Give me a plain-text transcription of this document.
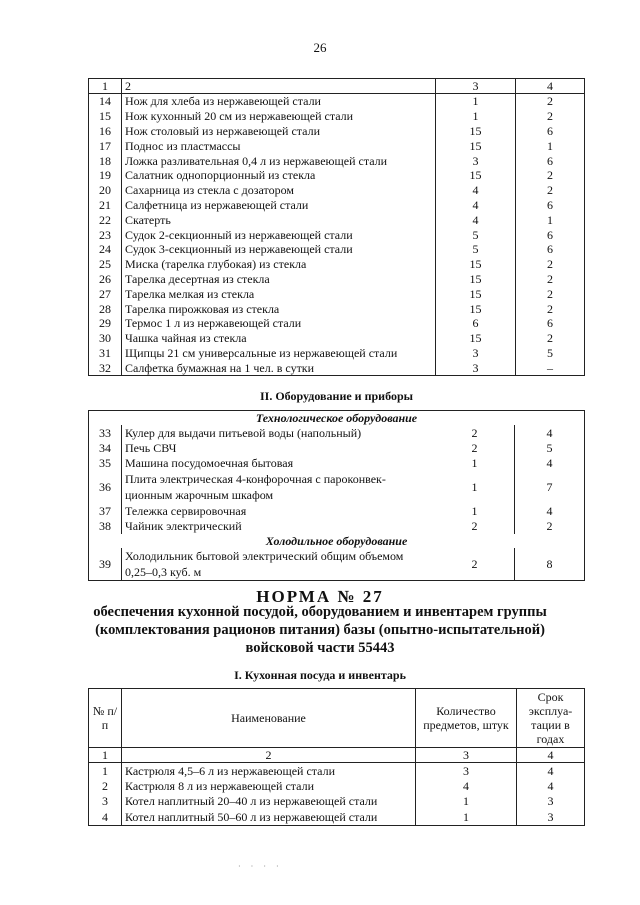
26
1	2	3	4
14	Нож для хлеба из нержавеющей стали	1	2
15	Нож кухонный 20 см из нержавеющей стали	1	2
16	Нож столовый из нержавеющей стали	15	6
17	Поднос из пластмассы	15	1
18	Ложка разливательная 0,4 л из нержавеющей стали	3	6
19	Салатник однопорционный из стекла	15	2
20	Сахарница из стекла с дозатором	4	2
21	Салфетница из нержавеющей стали	4	6
22	Скатерть	4	1
23	Судок 2-секционный из нержавеющей стали	5	6
24	Судок 3-секционный из нержавеющей стали	5	6
25	Миска (тарелка глубокая) из стекла	15	2
26	Тарелка десертная из стекла	15	2
27	Тарелка мелкая из стекла	15	2
28	Тарелка пирожковая из стекла	15	2
29	Термос 1 л из нержавеющей стали	6	6
30	Чашка чайная из стекла	15	2
31	Щипцы 21 см универсальные из нержавеющей стали	3	5
32	Салфетка бумажная на 1 чел. в сутки	3	–
II. Оборудование и приборы
Технологическое оборудование			
33	Кулер для выдачи питьевой воды (напольный)	2	4
34	Печь СВЧ	2	5
35	Машина посудомоечная бытовая	1	4
36	Плита электрическая 4-конфорочная с пароконвек-ционным жарочным шкафом	1	7
37	Тележка сервировочная	1	4
38	Чайник электрический	2	2
Холодильное оборудование			
39	Холодильник бытовой электрический общим объемом 0,25–0,3 куб. м	2	8
НОРМА № 27
обеспечения кухонной посудой, оборудованием и инвентарем группы (комплектования рационов питания) базы (опытно-испытательной) войсковой части 55443
I. Кухонная посуда и инвентарь
№ п/п	Наименование	Количество предметов, штук	Срок эксплуа-тации в годах
1	2	3	4
1	Кастрюля 4,5–6 л из нержавеющей стали	3	4
2	Кастрюля 8 л из нержавеющей стали	4	4
3	Котел наплитный 20–40 л из нержавеющей стали	1	3
4	Котел наплитный 50–60 л из нержавеющей стали	1	3
· · · ·
